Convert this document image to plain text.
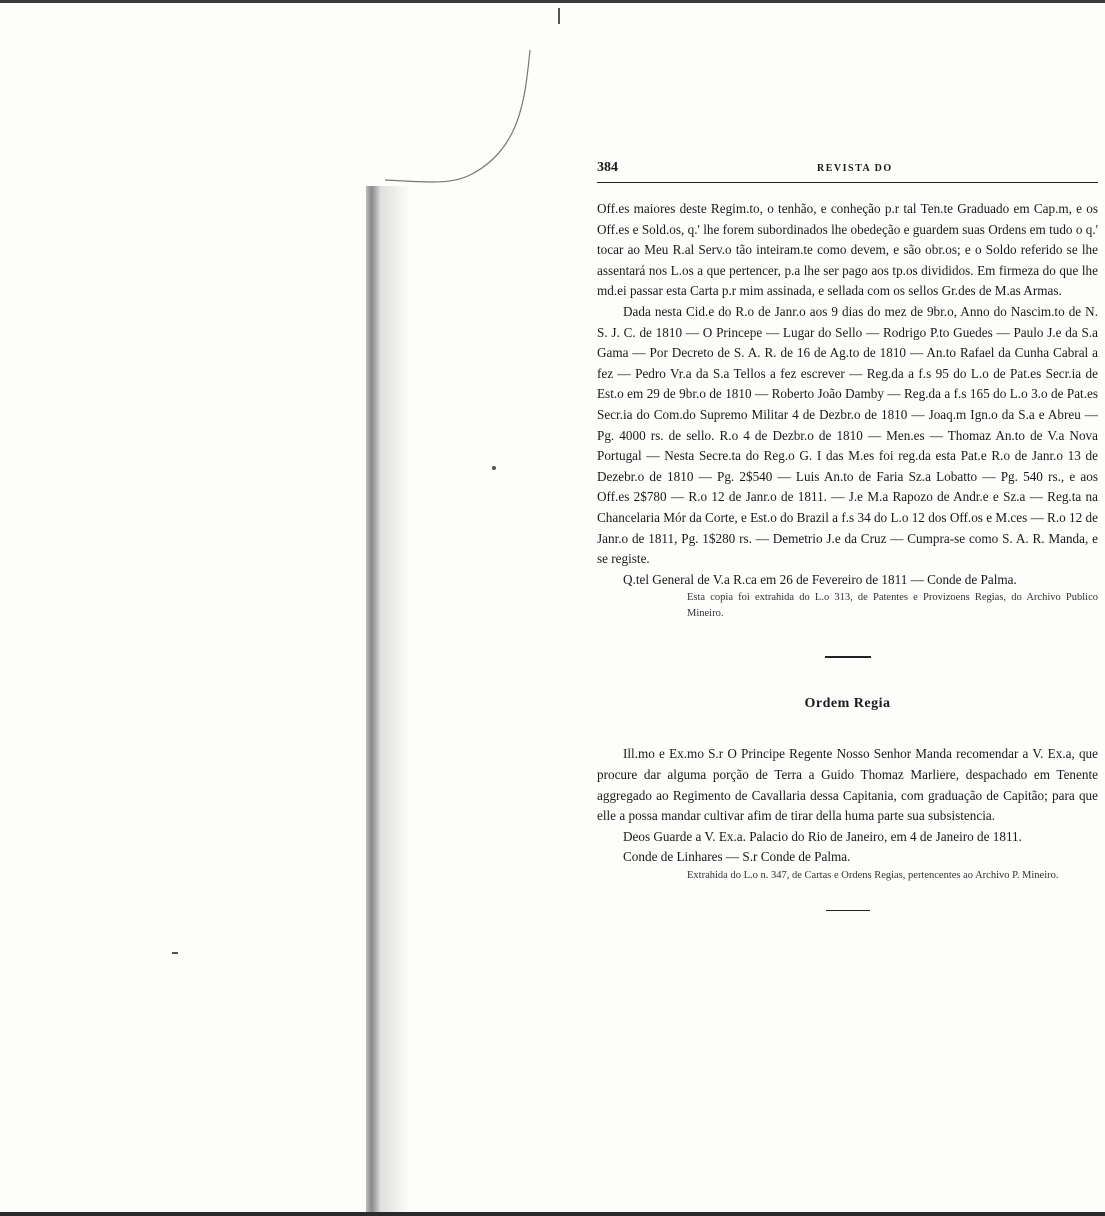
384	REVISTA DO

Off.es maiores deste Regim.to, o tenhão, e conheção p.r tal Ten.te Graduado em Cap.m, e os Off.es e Sold.os, q.' lhe forem subordinados lhe obedeção e guardem suas Ordens em tudo o q.' tocar ao Meu R.al Serv.o tão inteiram.te como devem, e são obr.os; e o Soldo referido se lhe assentará nos L.os a que pertencer, p.a lhe ser pago aos tp.os divididos. Em firmeza do que lhe md.ei passar esta Carta p.r mim assinada, e sellada com os sellos Gr.des de M.as Armas.

Dada nesta Cid.e do R.o de Janr.o aos 9 dias do mez de 9br.o, Anno do Nascim.to de N. S. J. C. de 1810 — O Princepe — Lugar do Sello — Rodrigo P.to Guedes — Paulo J.e da S.a Gama — Por Decreto de S. A. R. de 16 de Ag.to de 1810 — An.to Rafael da Cunha Cabral a fez — Pedro Vr.a da S.a Tellos a fez escrever — Reg.da a f.s 95 do L.o de Pat.es Secr.ia de Est.o em 29 de 9br.o de 1810 — Roberto João Damby — Reg.da a f.s 165 do L.o 3.o de Pat.es Secr.ia do Com.do Supremo Militar 4 de Dezbr.o de 1810 — Joaq.m Ign.o da S.a e Abreu — Pg. 4000 rs. de sello. R.o 4 de Dezbr.o de 1810 — Men.es — Thomaz An.to de V.a Nova Portugal — Nesta Secre.ta do Reg.o G. I das M.es foi reg.da esta Pat.e R.o de Janr.o 13 de Dezebr.o de 1810 — Pg. 2$540 — Luis An.to de Faria Sz.a Lobatto — Pg. 540 rs., e aos Off.es 2$780 — R.o 12 de Janr.o de 1811. — J.e M.a Rapozo de Andr.e e Sz.a — Reg.ta na Chancelaria Mór da Corte, e Est.o do Brazil a f.s 34 do L.o 12 dos Off.os e M.ces — R.o 12 de Janr.o de 1811, Pg. 1$280 rs. — Demetrio J.e da Cruz — Cumpra-se como S. A. R. Manda, e se registe.

Q.tel General de V.a R.ca em 26 de Fevereiro de 1811 — Conde de Palma.

Esta copia foi extrahida do L.o 313, de Patentes e Provizoens Regias, do Archivo Publico Mineiro.

Ordem Regia

Ill.mo e Ex.mo S.r O Principe Regente Nosso Senhor Manda recomendar a V. Ex.a, que procure dar alguma porção de Terra a Guido Thomaz Marliere, despachado em Tenente aggregado ao Regimento de Cavallaria dessa Capitania, com graduação de Capitão; para que elle a possa mandar cultivar afim de tirar della huma parte sua subsistencia.

Deos Guarde a V. Ex.a. Palacio do Rio de Janeiro, em 4 de Janeiro de 1811.

Conde de Linhares — S.r Conde de Palma.

Extrahida do L.o n. 347, de Cartas e Ordens Regias, pertencentes ao Archivo P. Mineiro.
